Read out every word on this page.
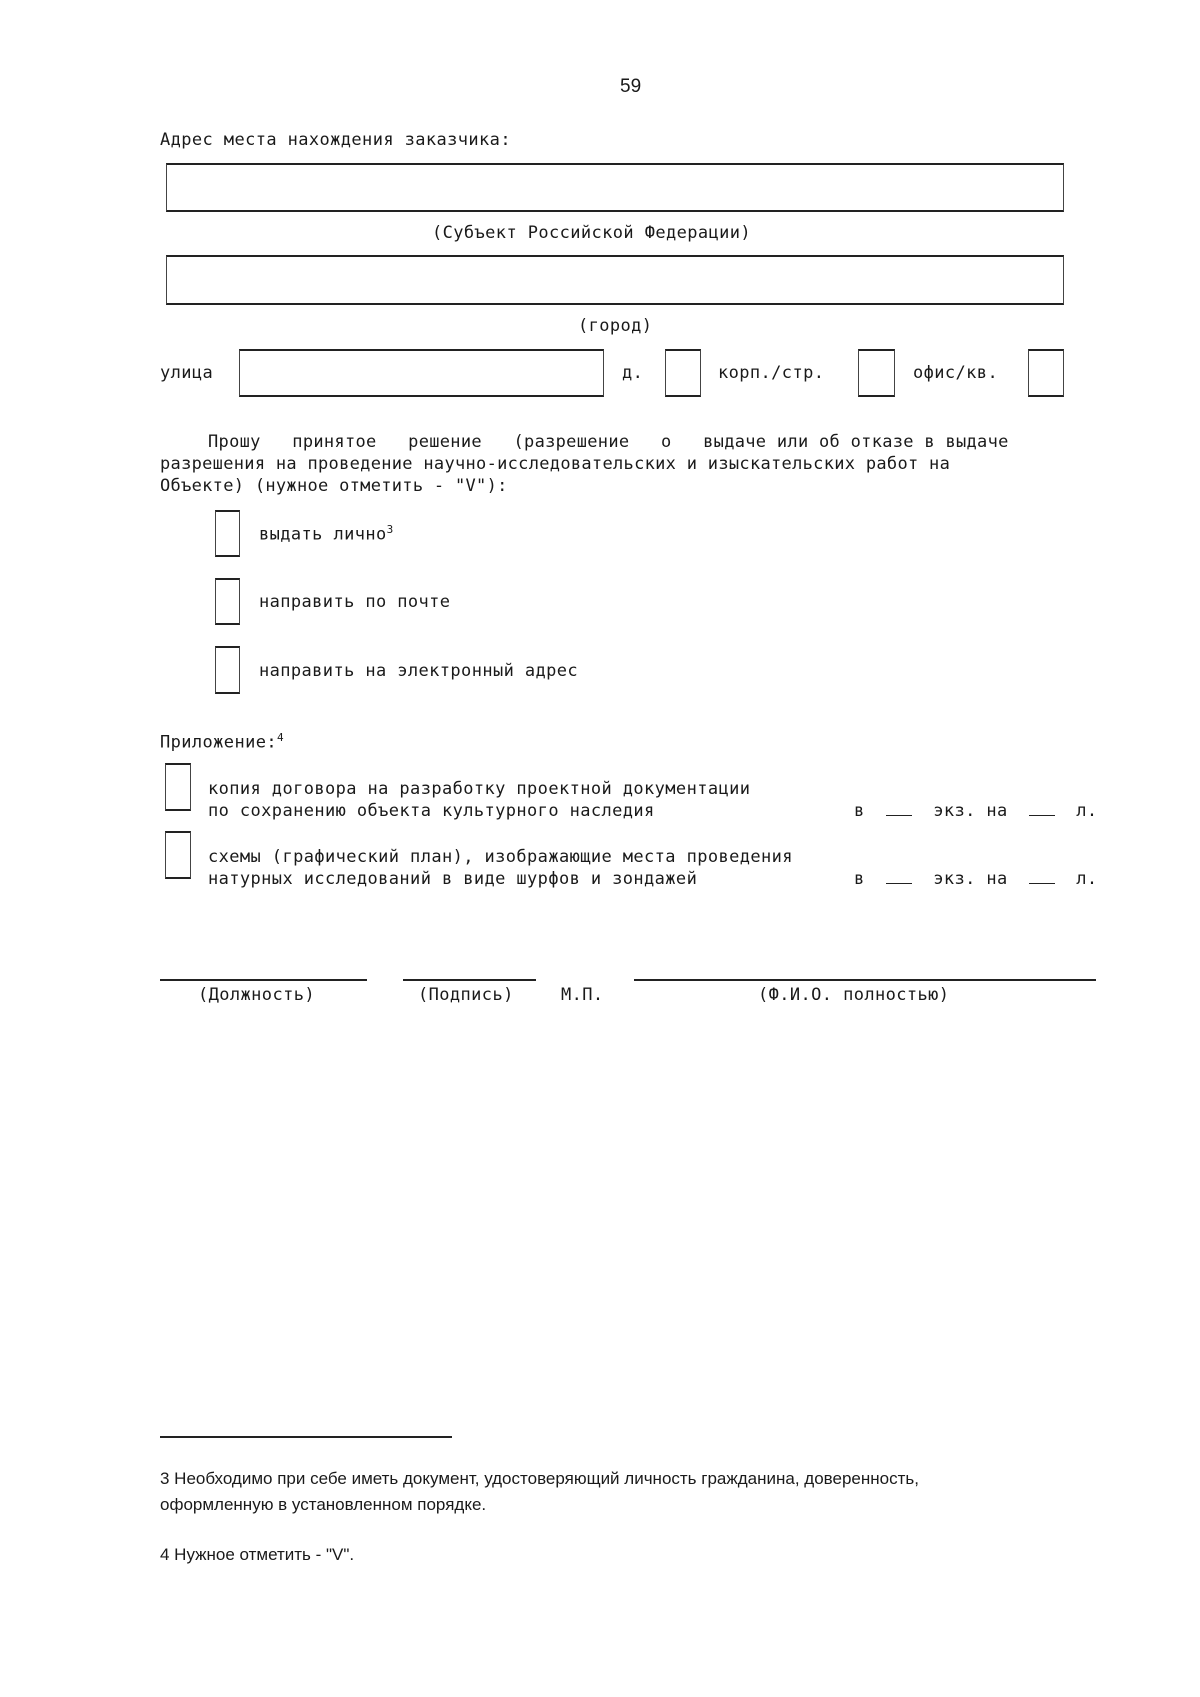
59
Адрес места нахождения заказчика:
(Субъект Российской Федерации)
(город)
улица	д.	корп./стр.	офис/кв.
Прошу   принятое   решение   (разрешение   о   выдаче или об отказе в выдаче
разрешения на проведение научно-исследовательских и изыскательских работ на
Объекте) (нужное отметить - "V"):
выдать лично$^3$
направить по почте
направить на электронный адрес
Приложение:$^4$
копия договора на разработку проектной документации
по сохранению объекта культурного наследия	в	экз. на	л.
схемы (графический план), изображающие места проведения
натурных исследований в виде шурфов и зондажей	в	экз. на	л.
(Должность)	(Подпись)	М.П.	(Ф.И.О. полностью)
3 Необходимо при себе иметь документ, удостоверяющий личность гражданина, доверенность,
оформленную в установленном порядке.
4 Нужное отметить - "V".
